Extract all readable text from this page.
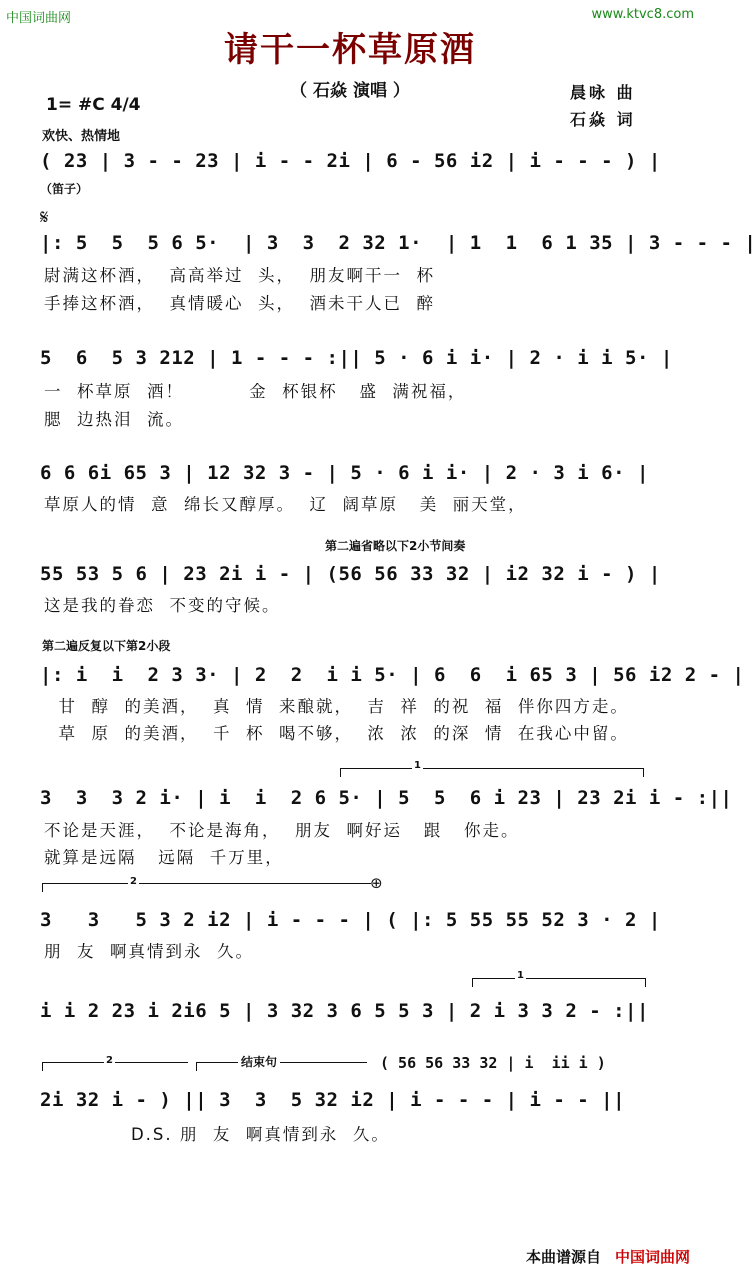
中国词曲网	www.ktvc8.com
请干一杯草原酒
（ 石焱 演唱 ）
1= #C 4/4
欢快、热情地
晨咏 曲
石焱 词
( 23 | 3 - - 23 | i - - 2i | 6 - 56 i2 | i - - - ) |
（笛子）
𝄋
|: 5  5  5 6 5·  | 3  3  2 32 1·  | 1  1  6 1 35 | 3 - - - |
尉满这杯酒，  高高举过  头，  朋友啊干一  杯
手捧这杯酒，  真情暖心  头，  酒未干人已  醉
5  6  5 3 212 | 1 - - - :|| 5 · 6 i i· | 2 · i i 5· |
一  杯草原  酒！         金  杯银杯   盛  满祝福，
腮  边热泪  流。
6 6 6i 65 3 | 12 32 3 - | 5 · 6 i i· | 2 · 3 i 6· |
草原人的情  意  绵长又醇厚。  辽  阔草原   美  丽天堂，
第二遍省略以下2小节间奏
55 53 5 6 | 23 2i i - | (56 56 33 32 | i2 32 i - ) |
这是我的眷恋  不变的守候。
第二遍反复以下第2小段
|: i  i  2 3 3· | 2  2  i i 5· | 6  6  i 65 3 | 56 i2 2 - |
甘  醇  的美酒，  真  情  来酿就，  吉  祥  的祝  福  伴你四方走。
草  原  的美酒，  千  杯  喝不够，  浓  浓  的深  情  在我心中留。
1
3  3  3 2 i· | i  i  2 6 5· | 5  5  6 i 23 | 23 2i i - :||
不论是天涯，  不论是海角，  朋友  啊好运   跟   你走。
就算是远隔   远隔  千万里，
2	⊕
3   3   5 3 2 i2 | i - - - | ( |: 5 55 55 52 3 · 2 |
朋  友  啊真情到永  久。
1
i i 2 23 i 2i6 5 | 3 32 3 6 5 5 3 | 2 i 3 3 2 - :||
2	结束句	( 56 56 33 32 | i  ii i )
2i 32 i - ) || 3  3  5 32 i2 | i - - - | i - - ||
D.S. 朋  友  啊真情到永  久。
本曲谱源自 中国词曲网
